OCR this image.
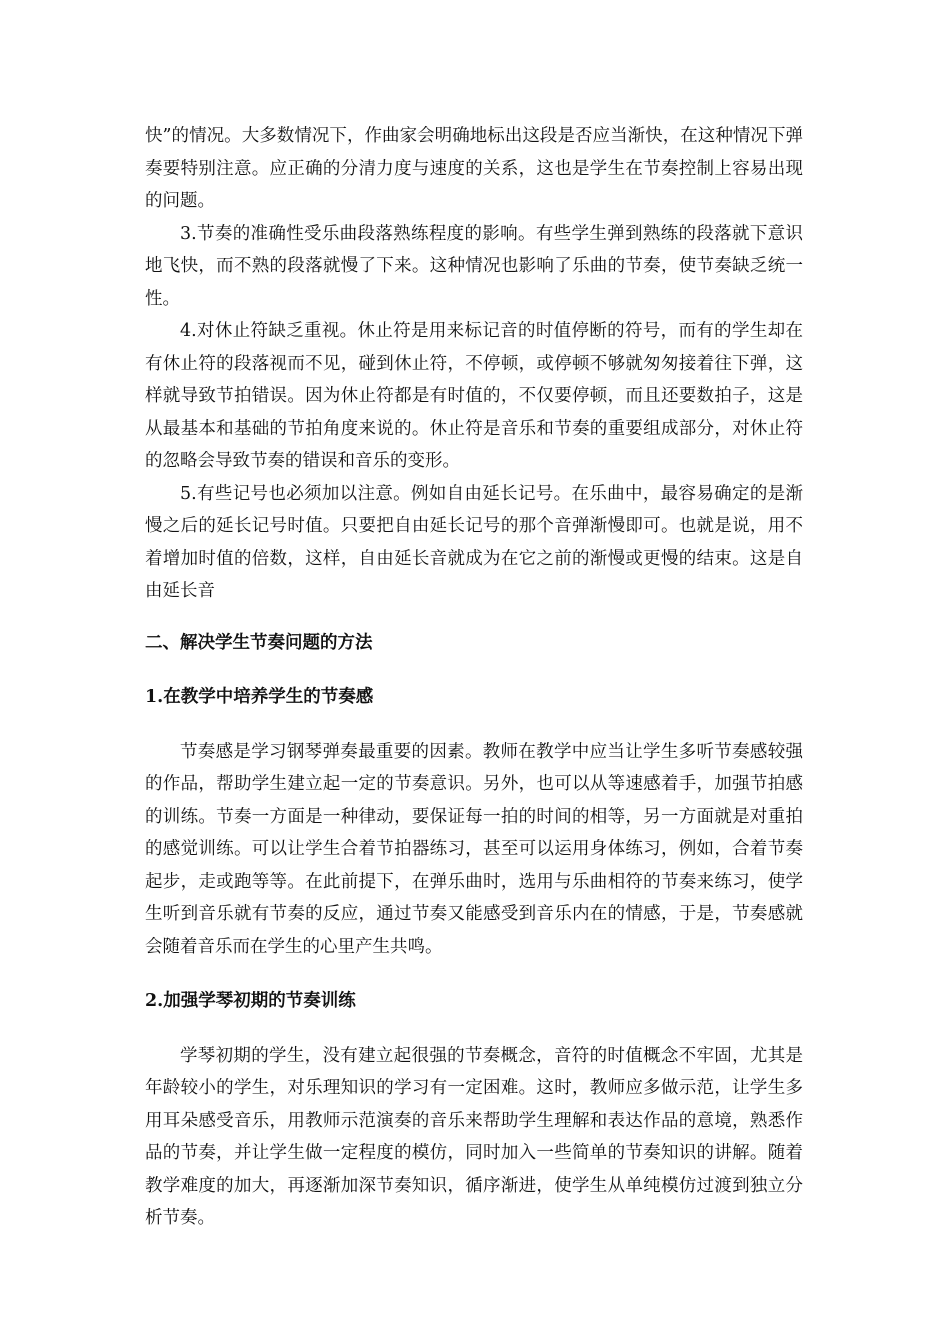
快”的情况。大多数情况下，作曲家会明确地标出这段是否应当渐快，在这种情况下弹奏要特别注意。应正确的分清力度与速度的关系，这也是学生在节奏控制上容易出现的问题。

3.节奏的准确性受乐曲段落熟练程度的影响。有些学生弹到熟练的段落就下意识地飞快，而不熟的段落就慢了下来。这种情况也影响了乐曲的节奏，使节奏缺乏统一性。

4.对休止符缺乏重视。休止符是用来标记音的时值停断的符号，而有的学生却在有休止符的段落视而不见，碰到休止符，不停顿，或停顿不够就匆匆接着往下弹，这样就导致节拍错误。因为休止符都是有时值的，不仅要停顿，而且还要数拍子，这是从最基本和基础的节拍角度来说的。休止符是音乐和节奏的重要组成部分，对休止符的忽略会导致节奏的错误和音乐的变形。

5.有些记号也必须加以注意。例如自由延长记号。在乐曲中，最容易确定的是渐慢之后的延长记号时值。只要把自由延长记号的那个音弹渐慢即可。也就是说，用不着增加时值的倍数，这样，自由延长音就成为在它之前的渐慢或更慢的结束。这是自由延长音

二、解决学生节奏问题的方法
1.在教学中培养学生的节奏感

节奏感是学习钢琴弹奏最重要的因素。教师在教学中应当让学生多听节奏感较强的作品，帮助学生建立起一定的节奏意识。另外，也可以从等速感着手，加强节拍感的训练。节奏一方面是一种律动，要保证每一拍的时间的相等，另一方面就是对重拍的感觉训练。可以让学生合着节拍器练习，甚至可以运用身体练习，例如，合着节奏起步，走或跑等等。在此前提下，在弹乐曲时，选用与乐曲相符的节奏来练习，使学生听到音乐就有节奏的反应，通过节奏又能感受到音乐内在的情感，于是，节奏感就会随着音乐而在学生的心里产生共鸣。

2.加强学琴初期的节奏训练

学琴初期的学生，没有建立起很强的节奏概念，音符的时值概念不牢固，尤其是年龄较小的学生，对乐理知识的学习有一定困难。这时，教师应多做示范，让学生多用耳朵感受音乐，用教师示范演奏的音乐来帮助学生理解和表达作品的意境，熟悉作品的节奏，并让学生做一定程度的模仿，同时加入一些简单的节奏知识的讲解。随着教学难度的加大，再逐渐加深节奏知识，循序渐进，使学生从单纯模仿过渡到独立分析节奏。
